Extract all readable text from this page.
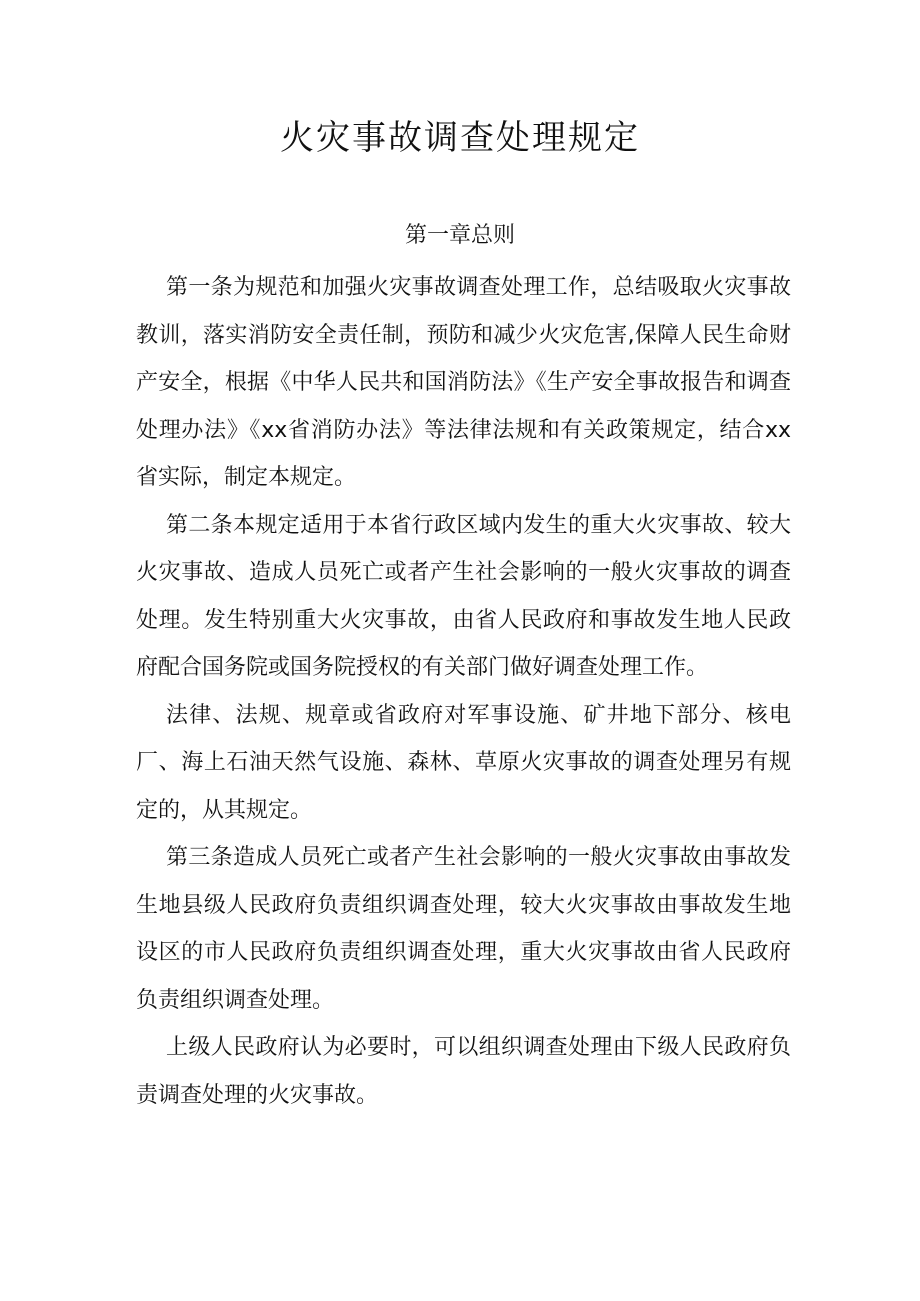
火灾事故调查处理规定
第一章总则

第一条为规范和加强火灾事故调查处理工作，总结吸取火灾事故教训，落实消防安全责任制，预防和减少火灾危害,保障人民生命财产安全，根据《中华人民共和国消防法》《生产安全事故报告和调查处理办法》《xx省消防办法》等法律法规和有关政策规定，结合xx省实际，制定本规定。

第二条本规定适用于本省行政区域内发生的重大火灾事故、较大火灾事故、造成人员死亡或者产生社会影响的一般火灾事故的调查处理。发生特别重大火灾事故，由省人民政府和事故发生地人民政府配合国务院或国务院授权的有关部门做好调查处理工作。

法律、法规、规章或省政府对军事设施、矿井地下部分、核电厂、海上石油天然气设施、森林、草原火灾事故的调查处理另有规定的，从其规定。

第三条造成人员死亡或者产生社会影响的一般火灾事故由事故发生地县级人民政府负责组织调查处理，较大火灾事故由事故发生地设区的市人民政府负责组织调查处理，重大火灾事故由省人民政府负责组织调查处理。

上级人民政府认为必要时，可以组织调查处理由下级人民政府负责调查处理的火灾事故。
